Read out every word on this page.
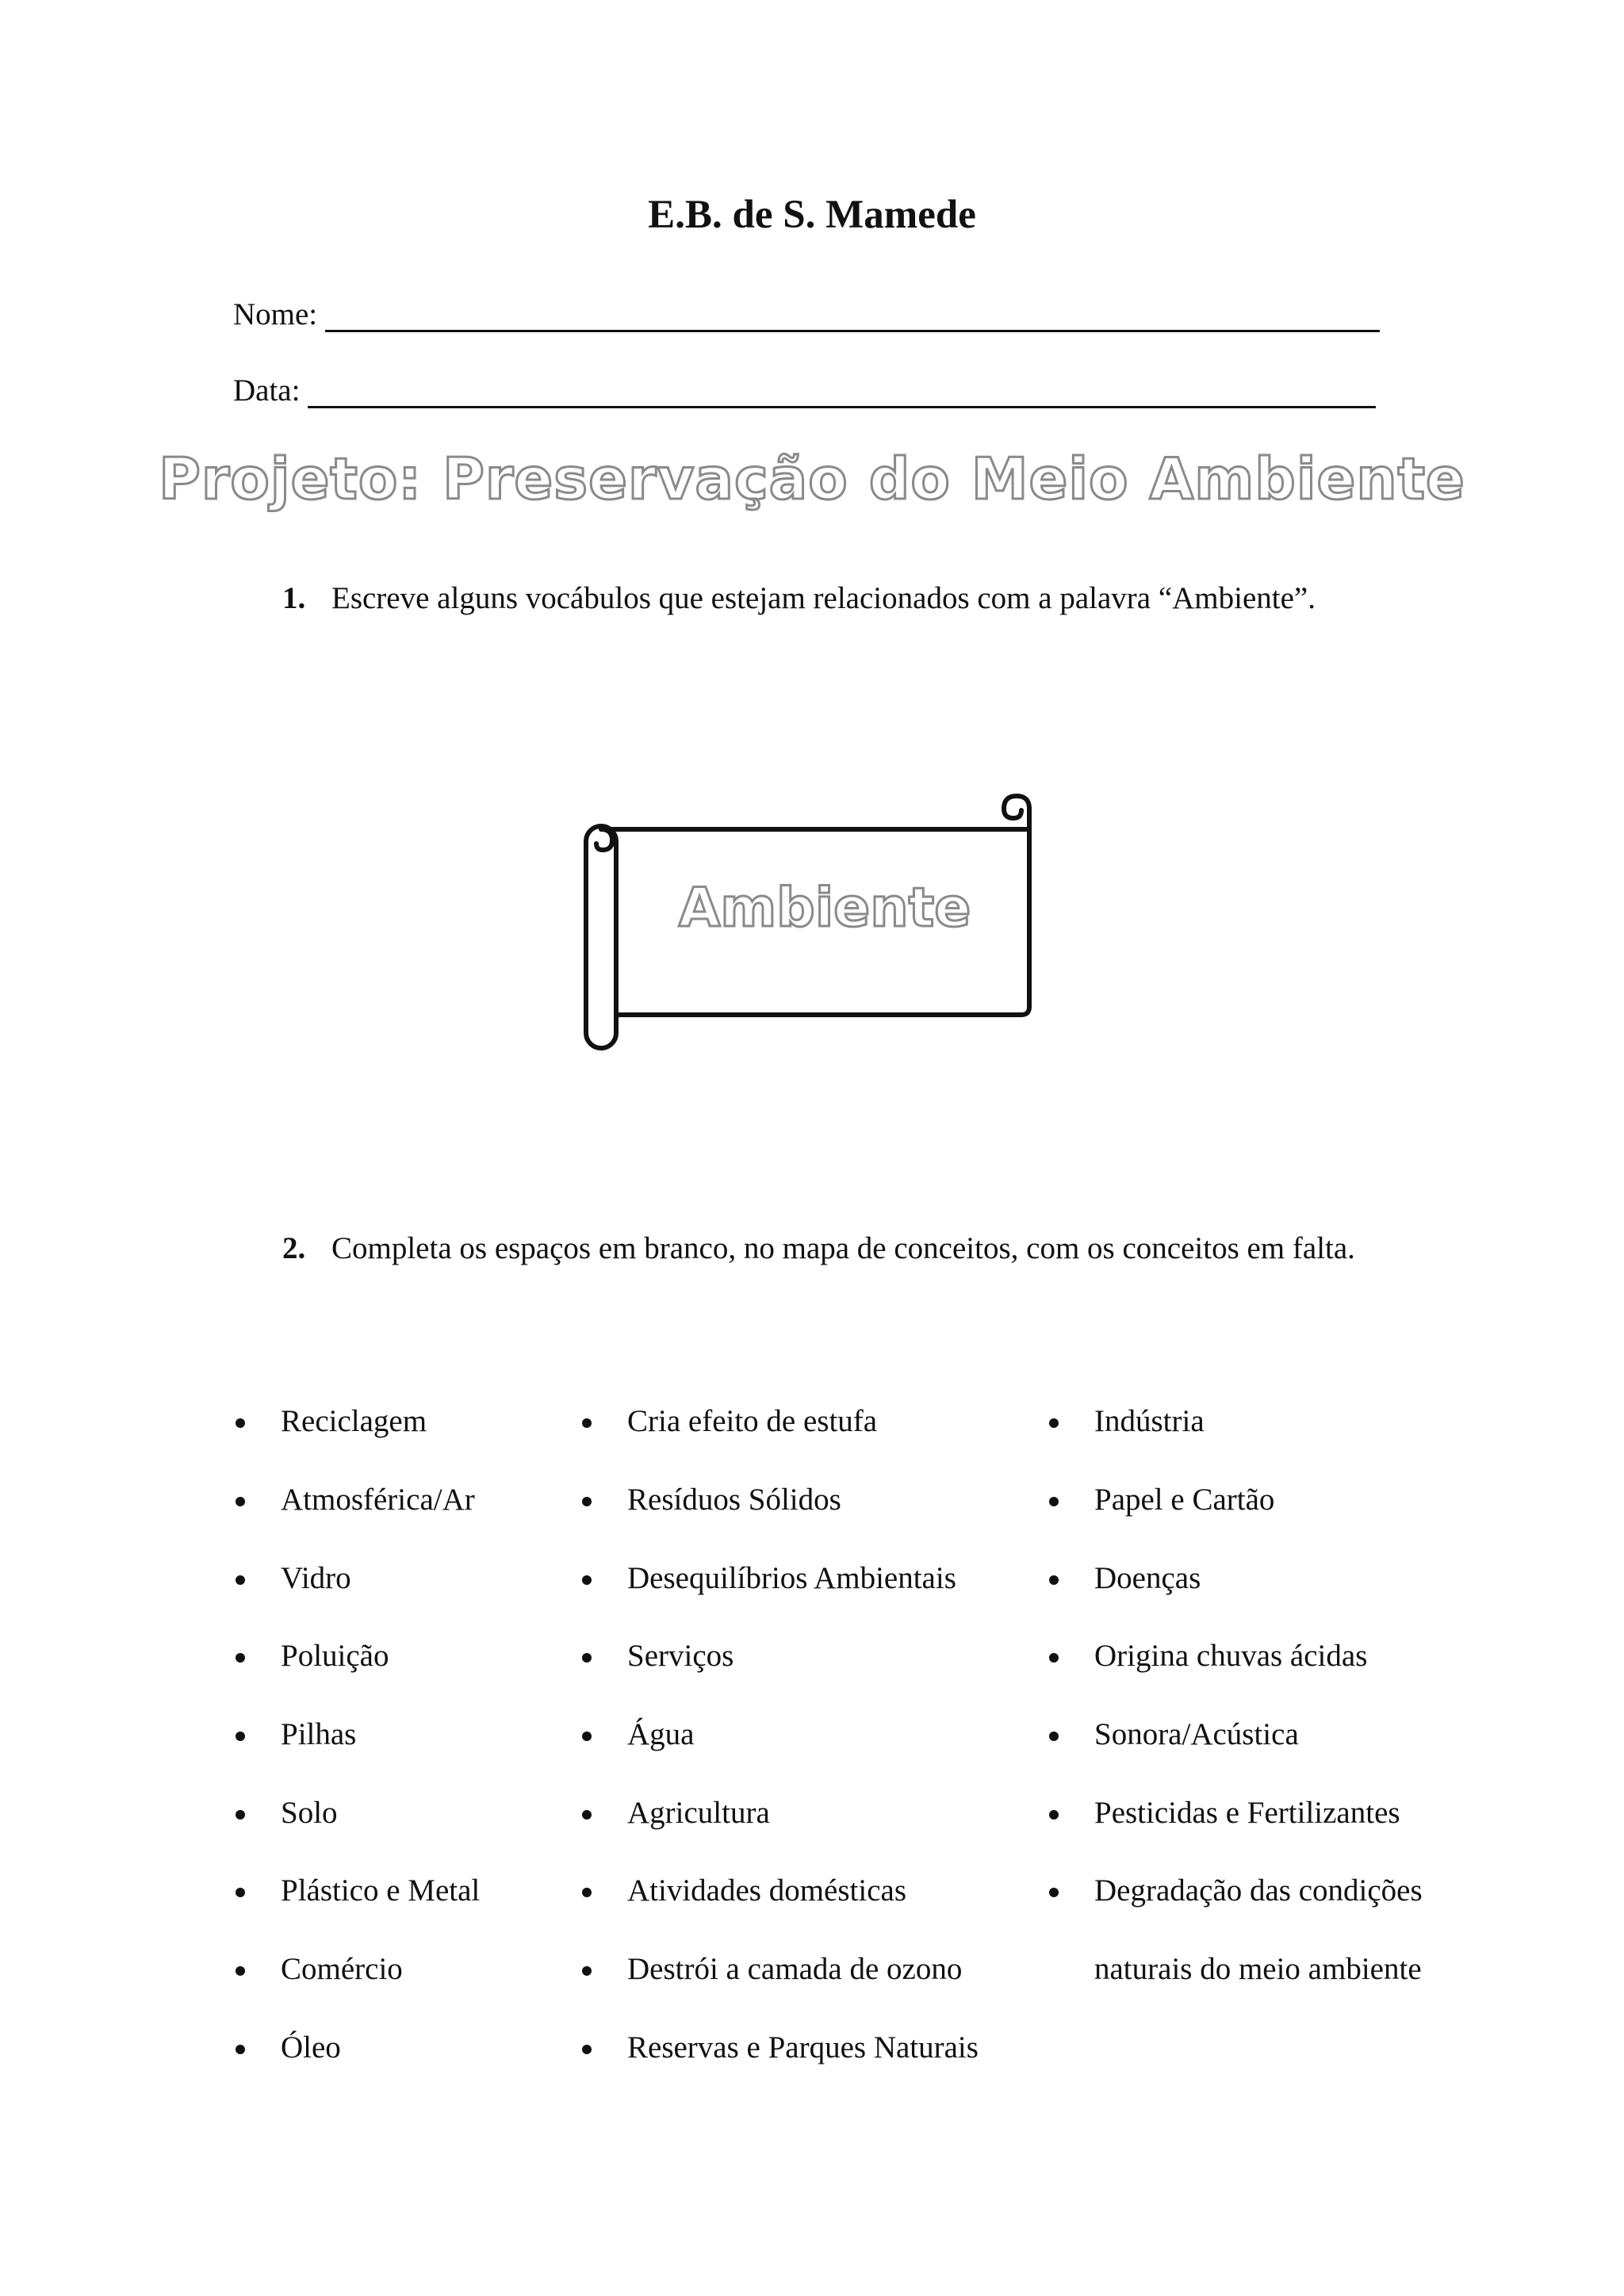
E.B. de S. Mamede
Nome:
Data:
Projeto: Preservação do Meio Ambiente
1. Escreve alguns vocábulos que estejam relacionados com a palavra “Ambiente”.
Ambiente
2. Completa os espaços em branco, no mapa de conceitos, com os conceitos em falta.
Reciclagem
Atmosférica/Ar
Vidro
Poluição
Pilhas
Solo
Plástico e Metal
Comércio
Óleo
Cria efeito de estufa
Resíduos Sólidos
Desequilíbrios Ambientais
Serviços
Água
Agricultura
Atividades domésticas
Destrói a camada de ozono
Reservas e Parques Naturais
Indústria
Papel e Cartão
Doenças
Origina chuvas ácidas
Sonora/Acústica
Pesticidas e Fertilizantes
Degradação das condições
naturais do meio ambiente
